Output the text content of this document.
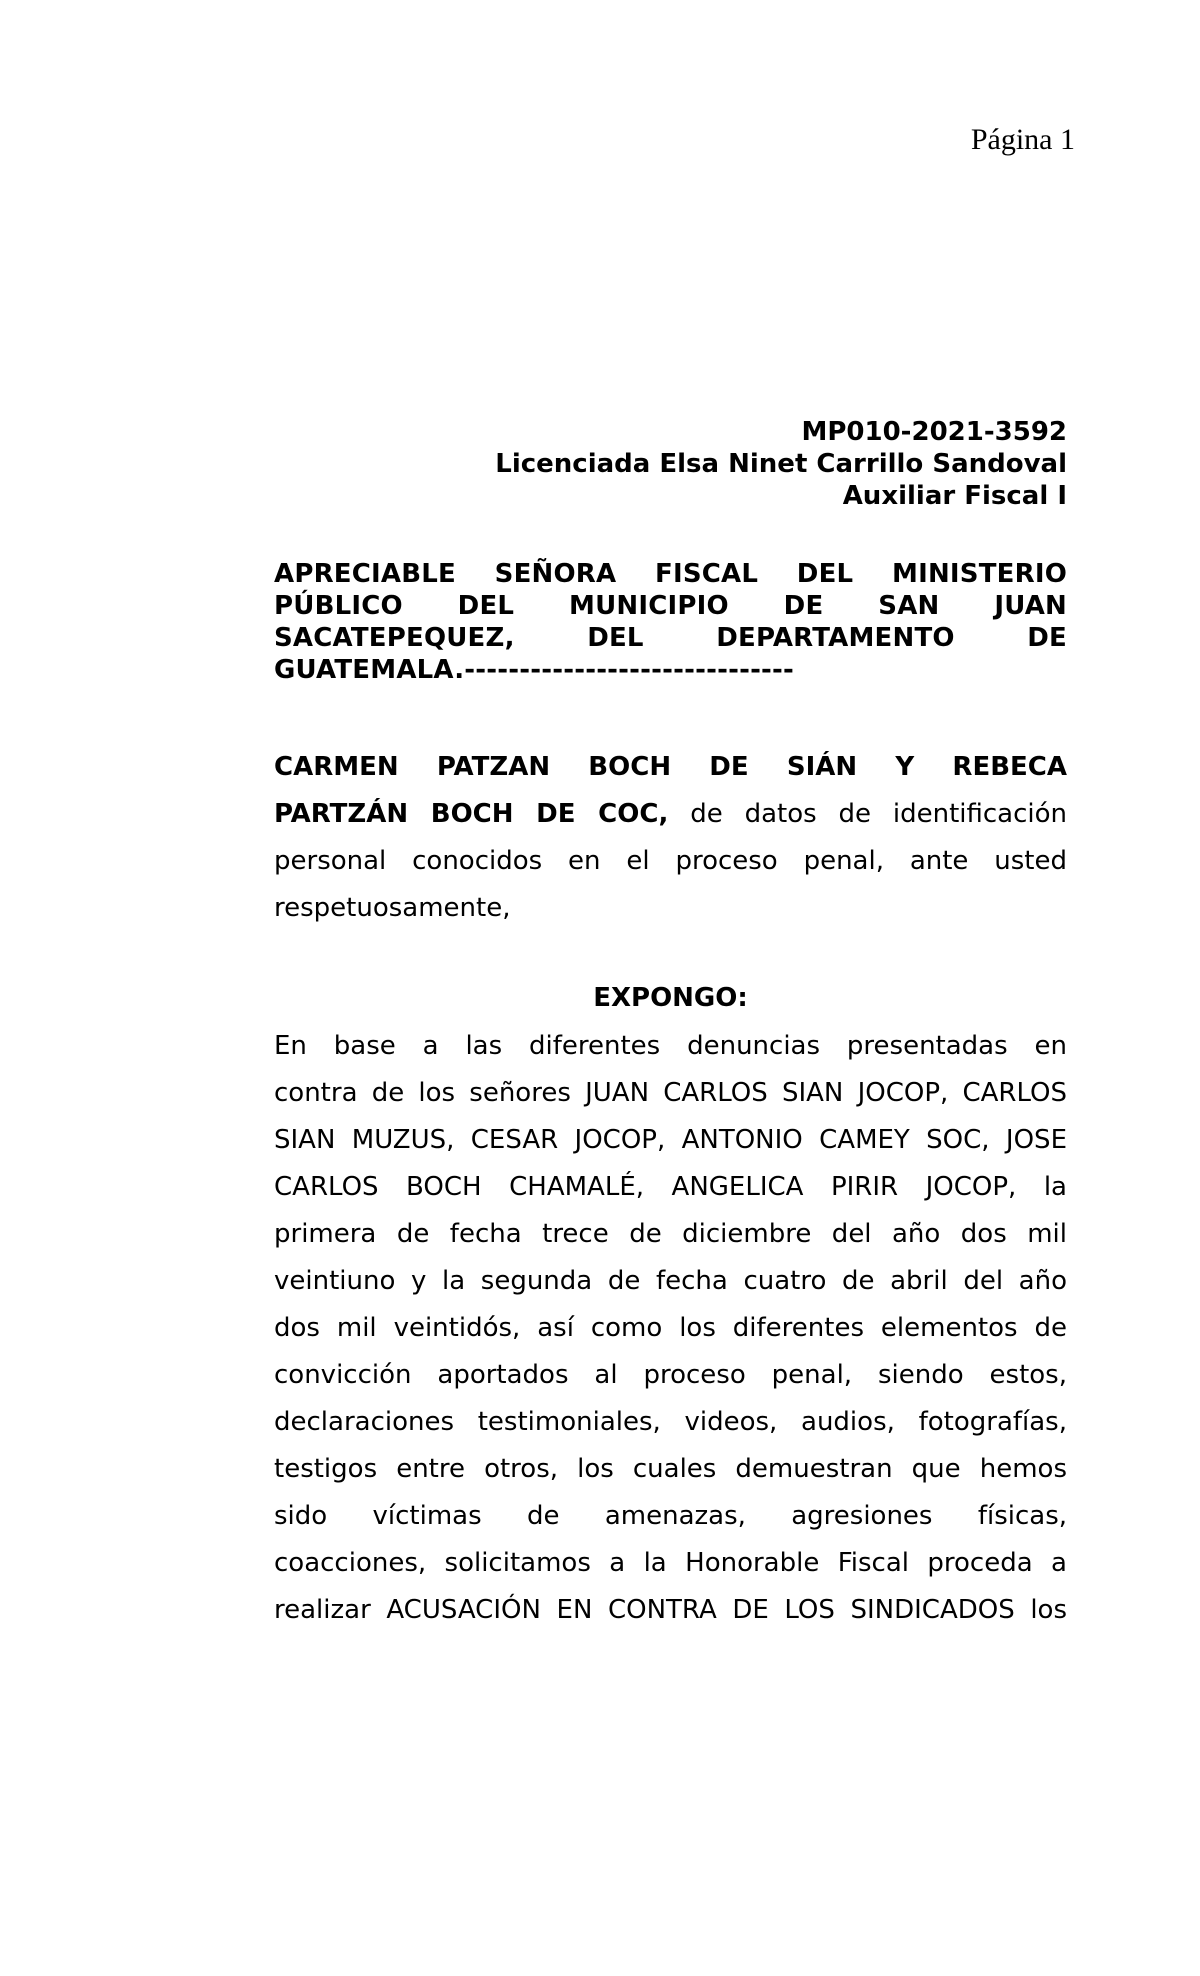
Página 1
MP010-2021-3592
Licenciada Elsa Ninet Carrillo Sandoval
Auxiliar Fiscal I
APRECIABLE SEÑORA FISCAL DEL MINISTERIO
PÚBLICO DEL MUNICIPIO DE SAN JUAN
SACATEPEQUEZ, DEL DEPARTAMENTO DE
GUATEMALA.------------------------------
CARMEN PATZAN BOCH DE SIÁN Y REBECA
PARTZÁN BOCH DE COC, de datos de identificación
personal conocidos en el proceso penal, ante usted
respetuosamente,
EXPONGO:
En base a las diferentes denuncias presentadas en
contra de los señores JUAN CARLOS SIAN JOCOP, CARLOS
SIAN MUZUS, CESAR JOCOP, ANTONIO CAMEY SOC, JOSE
CARLOS BOCH CHAMALÉ, ANGELICA PIRIR JOCOP, la
primera de fecha trece de diciembre del año dos mil
veintiuno y la segunda de fecha cuatro de abril del año
dos mil veintidós, así como los diferentes elementos de
convicción aportados al proceso penal, siendo estos,
declaraciones testimoniales, videos, audios, fotografías,
testigos entre otros, los cuales demuestran que hemos
sido víctimas de amenazas, agresiones físicas,
coacciones, solicitamos a la Honorable Fiscal proceda a
realizar ACUSACIÓN EN CONTRA DE LOS SINDICADOS los
